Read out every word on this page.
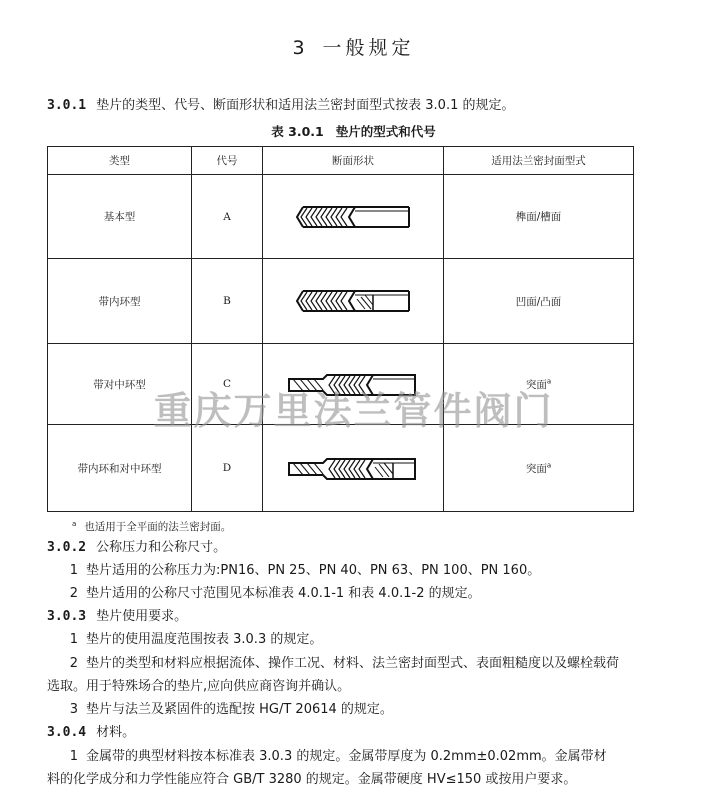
3 一般规定
3.0.1 垫片的类型、代号、断面形状和适用法兰密封面型式按表 3.0.1 的规定。
表 3.0.1 垫片的型式和代号
类型	代号	断面形状	适用法兰密封面型式
基本型	A		榫面/槽面
带内环型	B		凹面/凸面
带对中环型	C		突面$^a$
带内环和对中环型	D		突面$^a$
重庆万里法兰管件阀门
$^a$ 也适用于全平面的法兰密封面。
3.0.2 公称压力和公称尺寸。
1 垫片适用的公称压力为:PN16、PN 25、PN 40、PN 63、PN 100、PN 160。
2 垫片适用的公称尺寸范围见本标准表 4.0.1-1 和表 4.0.1-2 的规定。
3.0.3 垫片使用要求。
1 垫片的使用温度范围按表 3.0.3 的规定。
2 垫片的类型和材料应根据流体、操作工况、材料、法兰密封面型式、表面粗糙度以及螺栓载荷
选取。用于特殊场合的垫片,应向供应商咨询并确认。
3 垫片与法兰及紧固件的选配按 HG/T 20614 的规定。
3.0.4 材料。
1 金属带的典型材料按本标准表 3.0.3 的规定。金属带厚度为 0.2mm±0.02mm。金属带材
料的化学成分和力学性能应符合 GB/T 3280 的规定。金属带硬度 HV≤150 或按用户要求。
